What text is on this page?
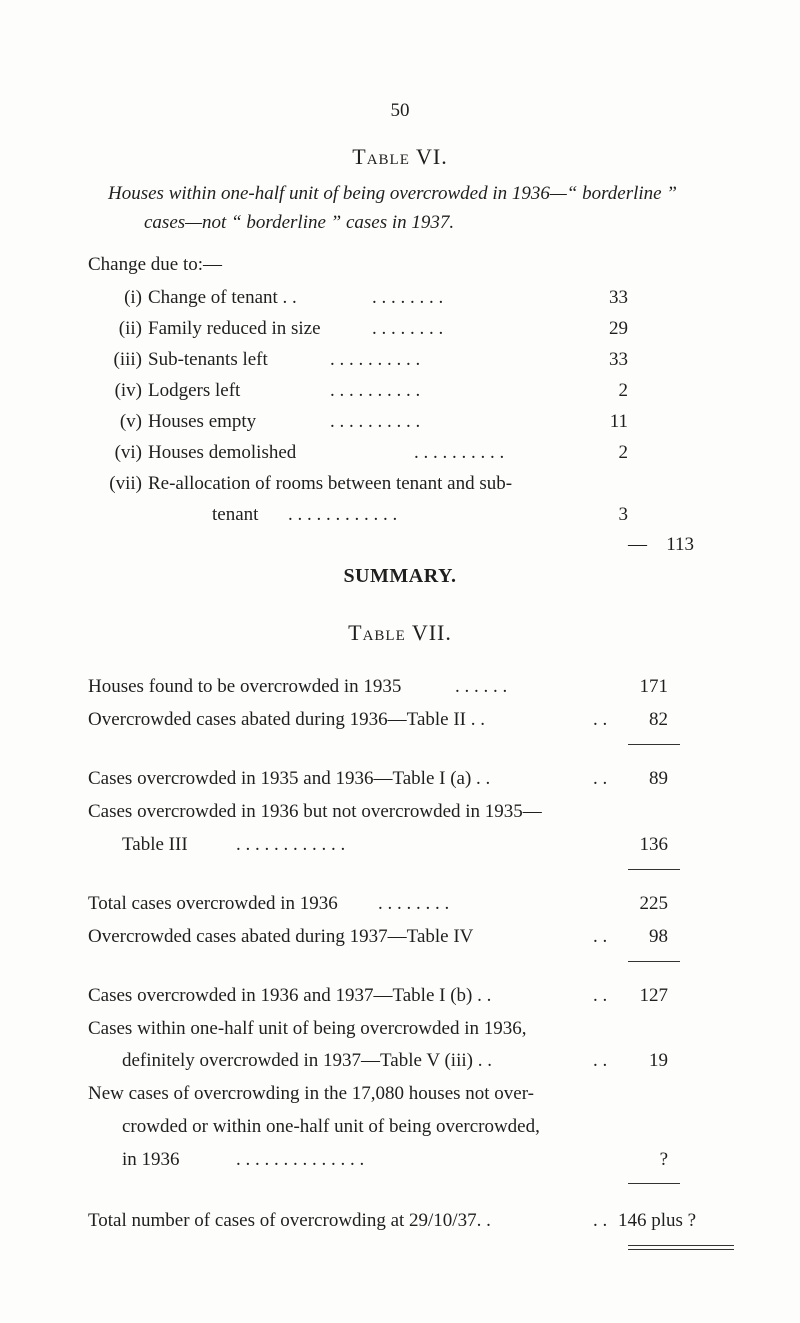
50
Table VI.
Houses within one-half unit of being overcrowded in 1936—“ borderline ”
cases—not “ borderline ” cases in 1937.
Change due to:—
(i) Change of tenant . .	. . . . . . . .	33
(ii) Family reduced in size	. . . . . . . .	29
(iii) Sub-tenants left	. . . . . . . . . .	33
(iv) Lodgers left	. . . . . . . . . .	2
(v) Houses empty	. . . . . . . . . .	11
(vi) Houses demolished	. . . . . . . . . .	2
(vii) Re-allocation of rooms between tenant and sub-
tenant . . . . . . . . . . . .	3
—	113
SUMMARY.
Table VII.
Houses found to be overcrowded in 1935	. . . . . .	171
Overcrowded cases abated during 1936—Table II . .	. .	82
Cases overcrowded in 1935 and 1936—Table I (a) . .	. .	89
Cases overcrowded in 1936 but not overcrowded in 1935—
Table III	. . . . . . . . . . . .	136
Total cases overcrowded in 1936 . . . . . . . .	225
Overcrowded cases abated during 1937—Table IV	. .	98
Cases overcrowded in 1936 and 1937—Table I (b) . .	. .	127
Cases within one-half unit of being overcrowded in 1936,
definitely overcrowded in 1937—Table V (iii) . .	. .	19
New cases of overcrowding in the 17,080 houses not over-
crowded or within one-half unit of being overcrowded,
in 1936	. . . . . . . . . . . . . .	?
Total number of cases of overcrowding at 29/10/37. .	. . 146 plus ?
